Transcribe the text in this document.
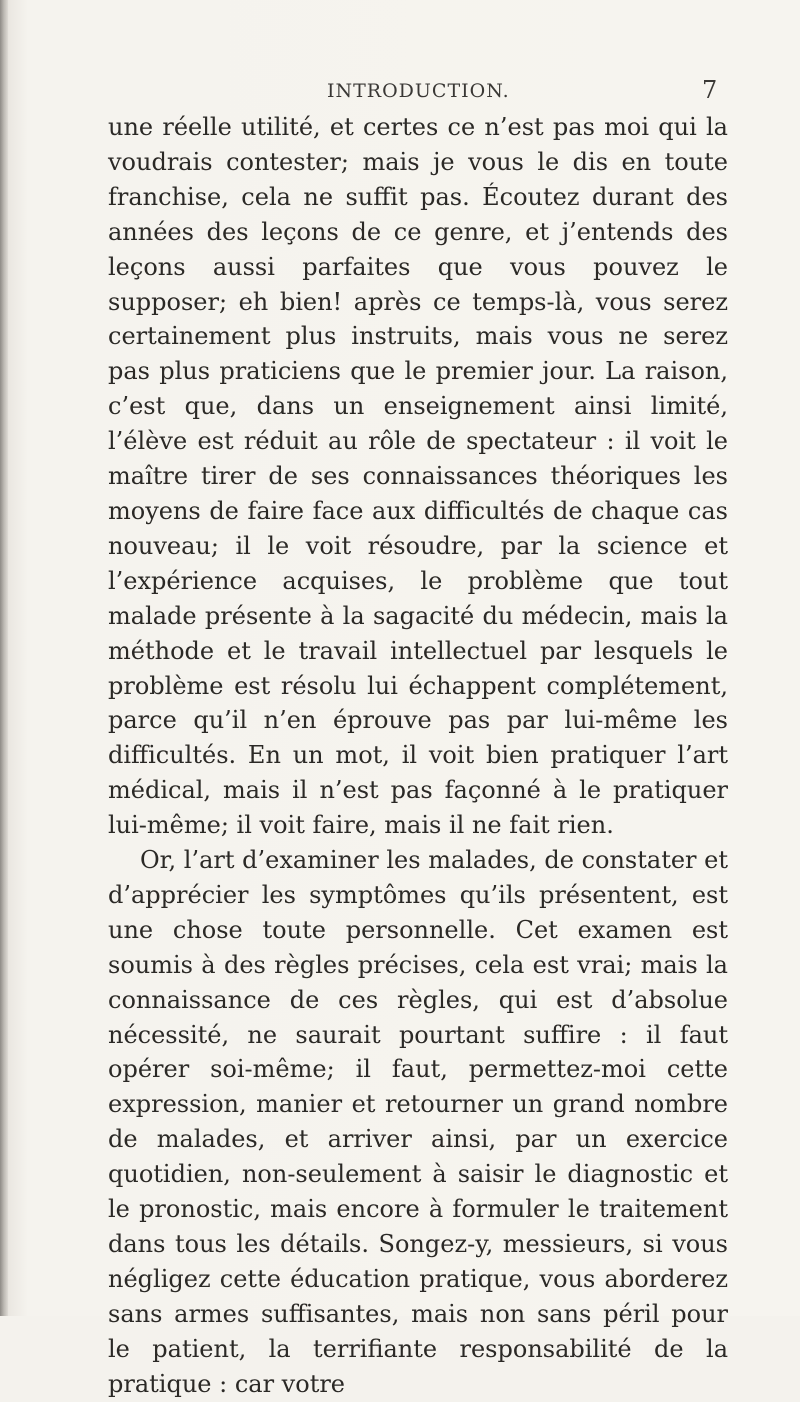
INTRODUCTION.	7

une réelle utilité, et certes ce n’est pas moi qui la voudrais contester; mais je vous le dis en toute franchise, cela ne suffit pas. Écoutez durant des années des leçons de ce genre, et j’entends des leçons aussi parfaites que vous pouvez le supposer; eh bien! après ce temps-là, vous serez certainement plus instruits, mais vous ne serez pas plus praticiens que le premier jour. La raison, c’est que, dans un enseignement ainsi limité, l’élève est réduit au rôle de spectateur : il voit le maître tirer de ses connaissances théoriques les moyens de faire face aux difficultés de chaque cas nouveau; il le voit résoudre, par la science et l’expérience acquises, le problème que tout malade présente à la sagacité du médecin, mais la méthode et le travail intellectuel par lesquels le problème est résolu lui échappent complétement, parce qu’il n’en éprouve pas par lui-même les difficultés. En un mot, il voit bien pratiquer l’art médical, mais il n’est pas façonné à le pratiquer lui-même; il voit faire, mais il ne fait rien.

Or, l’art d’examiner les malades, de constater et d’apprécier les symptômes qu’ils présentent, est une chose toute personnelle. Cet examen est soumis à des règles précises, cela est vrai; mais la connaissance de ces règles, qui est d’absolue nécessité, ne saurait pourtant suffire : il faut opérer soi-même; il faut, permettez-moi cette expression, manier et retourner un grand nombre de malades, et arriver ainsi, par un exercice quotidien, non-seulement à saisir le diagnostic et le pronostic, mais encore à formuler le traitement dans tous les détails. Songez-y, messieurs, si vous négligez cette éducation pratique, vous aborderez sans armes suffisantes, mais non sans péril pour le patient, la terrifiante responsabilité de la pratique : car votre
